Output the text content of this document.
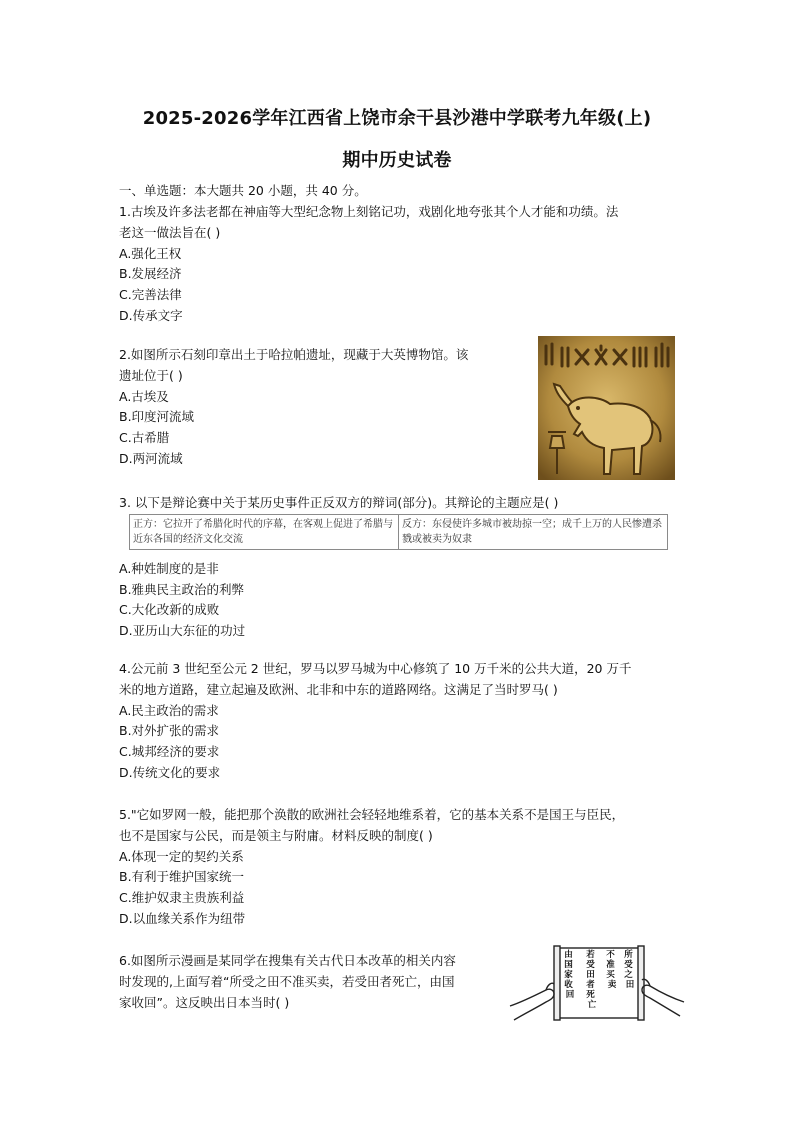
2025-2026学年江西省上饶市余干县沙港中学联考九年级(上)
期中历史试卷
一、单选题：本大题共 20 小题，共 40 分。
1.古埃及许多法老都在神庙等大型纪念物上刻铭记功，戏剧化地夸张其个人才能和功绩。法
老这一做法旨在( )
A.强化王权
B.发展经济
C.完善法律
D.传承文字
2.如图所示石刻印章出土于哈拉帕遗址，现藏于大英博物馆。该
遗址位于( )
A.古埃及
B.印度河流域
C.古希腊
D.两河流域
3. 以下是辩论赛中关于某历史事件正反双方的辩词(部分)。其辩论的主题应是( )
A.种姓制度的是非
B.雅典民主政治的利弊
C.大化改新的成败
D.亚历山大东征的功过
正方：它拉开了希腊化时代的序幕，在客观上促进了希腊与近东各国的经济文化交流
反方：东侵使许多城市被劫掠一空；成千上万的人民惨遭杀戮或被卖为奴隶
4.公元前 3 世纪至公元 2 世纪，罗马以罗马城为中心修筑了 10 万千米的公共大道，20 万千
米的地方道路，建立起遍及欧洲、北非和中东的道路网络。这满足了当时罗马( )
A.民主政治的需求
B.对外扩张的需求
C.城邦经济的要求
D.传统文化的要求
5."它如罗网一般，能把那个涣散的欧洲社会轻轻地维系着，它的基本关系不是国王与臣民，
也不是国家与公民，而是领主与附庸。材料反映的制度( )
A.体现一定的契约关系
B.有利于维护国家统一
C.维护奴隶主贵族利益
D.以血缘关系作为纽带
6.如图所示漫画是某同学在搜集有关古代日本改革的相关内容
时发现的,上面写着“所受之田不准买卖，若受田者死亡，由国
家收回”。这反映出日本当时( )
所 受 之 田
不 准 买 卖
若 受 田 者 死 亡
由 国 家 收 回
